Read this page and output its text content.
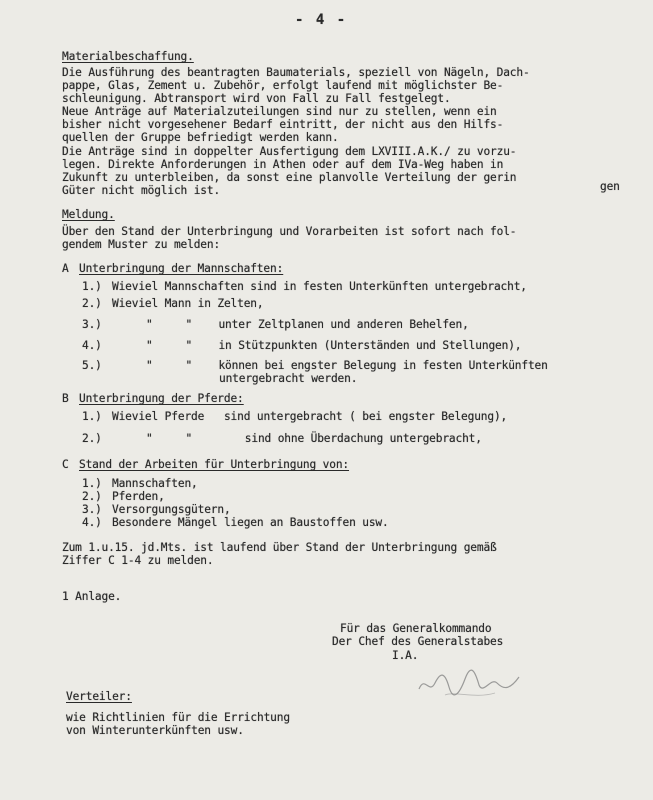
- 4 -
Materialbeschaffung.
Die Ausführung des beantragten Baumaterials, speziell von Nägeln, Dach-
pappe, Glas, Zement u. Zubehör, erfolgt laufend mit möglichster Be-
schleunigung. Abtransport wird von Fall zu Fall festgelegt.
Neue Anträge auf Materialzuteilungen sind nur zu stellen, wenn ein
bisher nicht vorgesehener Bedarf eintritt, der nicht aus den Hilfs-
quellen der Gruppe befriedigt werden kann.
Die Anträge sind in doppelter Ausfertigung dem LXVIII.A.K./ zu vorzu-
legen. Direkte Anforderungen in Athen oder auf dem IVa-Weg haben in
Zukunft zu unterbleiben, da sonst eine planvolle Verteilung der gerin
Güter nicht möglich ist.	gen
Meldung.
Über den Stand der Unterbringung und Vorarbeiten ist sofort nach fol-
gendem Muster zu melden:
A Unterbringung der Mannschaften:
1.) Wieviel Mannschaften sind in festen Unterkünften untergebracht,
2.) Wieviel Mann in Zelten,
3.)	"     "    unter Zeltplanen und anderen Behelfen,
4.)	"     "    in Stützpunkten (Unterständen und Stellungen),
5.)	"     "    können bei engster Belegung in festen Unterkünften
untergebracht werden.
B Unterbringung der Pferde:
1.) Wieviel Pferde   sind untergebracht ( bei engster Belegung),
2.)	"     "        sind ohne Überdachung untergebracht,
C Stand der Arbeiten für Unterbringung von:
1.) Mannschaften,
2.) Pferden,
3.) Versorgungsgütern,
4.) Besondere Mängel liegen an Baustoffen usw.
Zum 1.u.15. jd.Mts. ist laufend über Stand der Unterbringung gemäß
Ziffer C 1-4 zu melden.
1 Anlage.
Für das Generalkommando
Der Chef des Generalstabes
I.A.
Verteiler:
wie Richtlinien für die Errichtung
von Winterunterkünften usw.
